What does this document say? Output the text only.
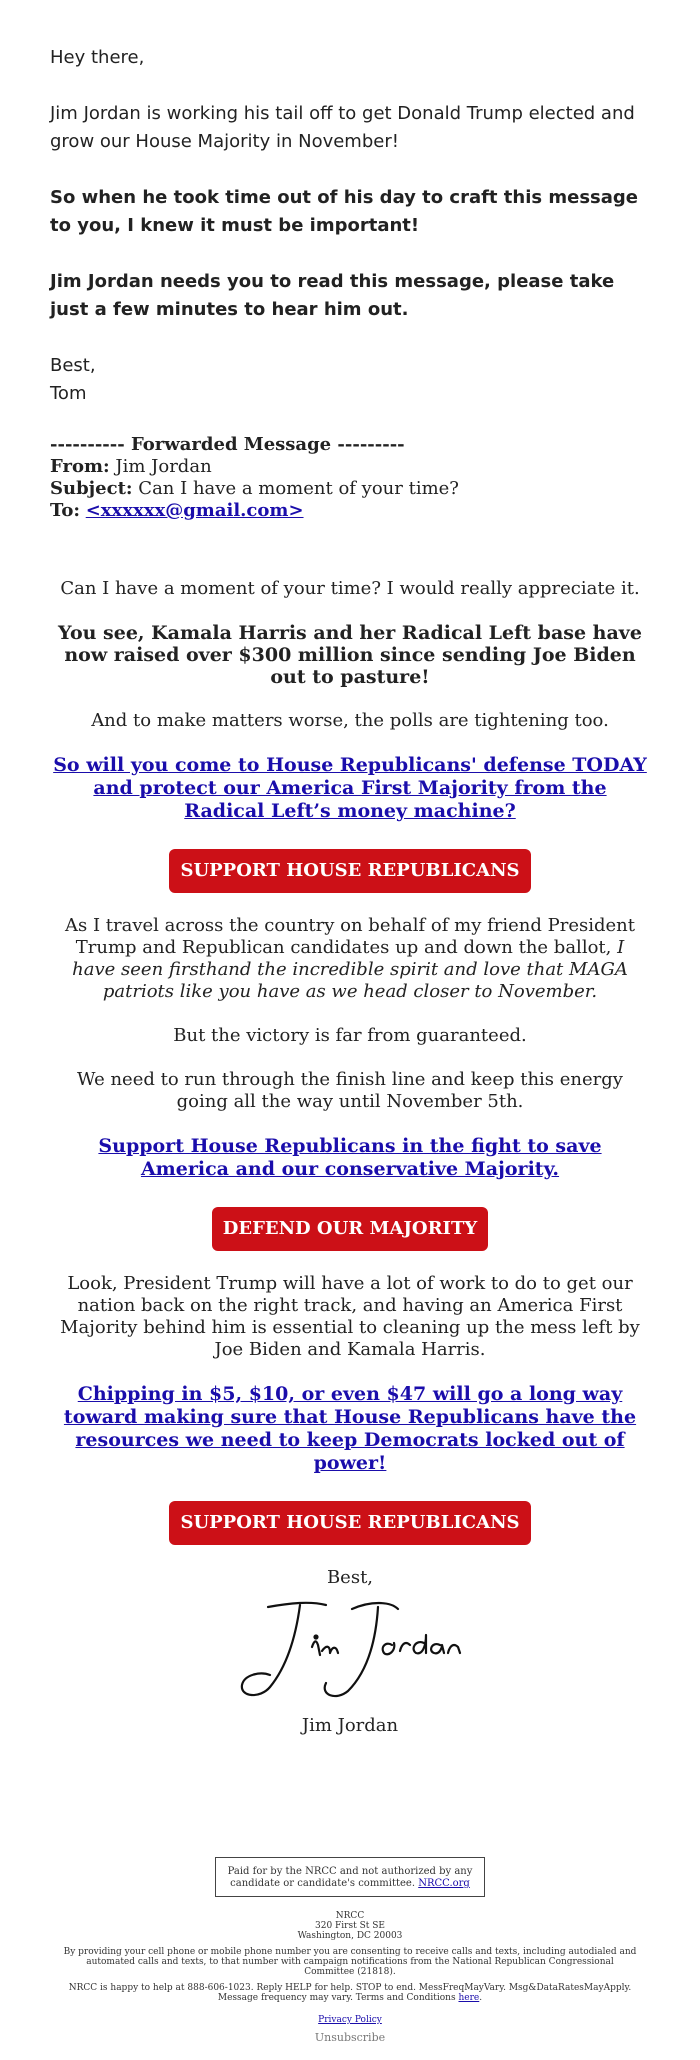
Hey there,

Jim Jordan is working his tail off to get Donald Trump elected and grow our House Majority in November!

So when he took time out of his day to craft this message to you, I knew it must be important!

Jim Jordan needs you to read this message, please take just a few minutes to hear him out.

Best,
Tom

---------- Forwarded Message ---------
From: Jim Jordan
Subject: Can I have a moment of your time?
To: <xxxxxx@gmail.com>

Can I have a moment of your time? I would really appreciate it.

You see, Kamala Harris and her Radical Left base have now raised over $300 million since sending Joe Biden out to pasture!

And to make matters worse, the polls are tightening too.

So will you come to House Republicans' defense TODAY and protect our America First Majority from the Radical Left’s money machine?

SUPPORT HOUSE REPUBLICANS

As I travel across the country on behalf of my friend President Trump and Republican candidates up and down the ballot, I have seen firsthand the incredible spirit and love that MAGA patriots like you have as we head closer to November.

But the victory is far from guaranteed.

We need to run through the finish line and keep this energy going all the way until November 5th.

Support House Republicans in the fight to save America and our conservative Majority.

DEFEND OUR MAJORITY

Look, President Trump will have a lot of work to do to get our nation back on the right track, and having an America First Majority behind him is essential to cleaning up the mess left by Joe Biden and Kamala Harris.

Chipping in $5, $10, or even $47 will go a long way toward making sure that House Republicans have the resources we need to keep Democrats locked out of power!

SUPPORT HOUSE REPUBLICANS

Best,

Jim Jordan

Paid for by the NRCC and not authorized by any candidate or candidate's committee. NRCC.org

NRCC
320 First St SE
Washington, DC 20003

By providing your cell phone or mobile phone number you are consenting to receive calls and texts, including autodialed and automated calls and texts, to that number with campaign notifications from the National Republican Congressional Committee (21818).

NRCC is happy to help at 888-606-1023. Reply HELP for help. STOP to end. MessFreqMayVary. Msg&DataRatesMayApply. Message frequency may vary. Terms and Conditions here.

Privacy Policy

Unsubscribe
